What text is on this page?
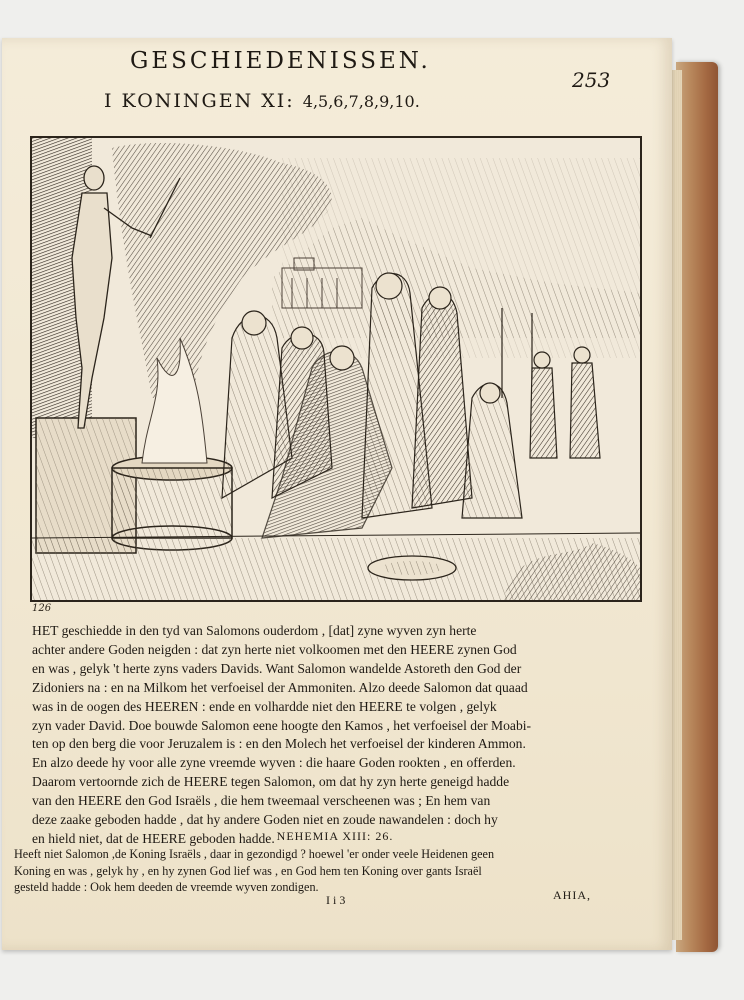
GESCHIEDENISSEN.
253
I KONINGEN XI: 4,5,6,7,8,9,10.
126
HET geschiedde in den tyd van Salomons ouderdom , [dat] zyne wyven zyn herte
achter andere Goden neigden : dat zyn herte niet volkoomen met den HEERE zynen God
en was , gelyk 't herte zyns vaders Davids. Want Salomon wandelde Astoreth den God der
Zidoniers na : en na Milkom het verfoeisel der Ammoniten. Alzo deede Salomon dat quaad
was in de oogen des HEEREN : ende en volhardde niet den HEERE te volgen , gelyk
zyn vader David. Doe bouwde Salomon eene hoogte den Kamos , het verfoeisel der Moabi-
ten op den berg die voor Jeruzalem is : en den Molech het verfoeisel der kinderen Ammon.
En alzo deede hy voor alle zyne vreemde wyven : die haare Goden rookten , en offerden.
Daarom vertoornde zich de HEERE tegen Salomon, om dat hy zyn herte geneigd hadde
van den HEERE den God Israëls , die hem tweemaal verscheenen was ; En hem van
deze zaake geboden hadde , dat hy andere Goden niet en zoude nawandelen : doch hy
en hield niet, dat de HEERE geboden hadde. NEHEMIA XIII: 26.
Heeft niet Salomon ,de Koning Israëls , daar in gezondigd ? hoewel 'er onder veele Heidenen geen
Koning en was , gelyk hy , en hy zynen God lief was , en God hem ten Koning over gants Israël
gesteld hadde : Ook hem deeden de vreemde wyven zondigen.
I i 3	AHIA,
